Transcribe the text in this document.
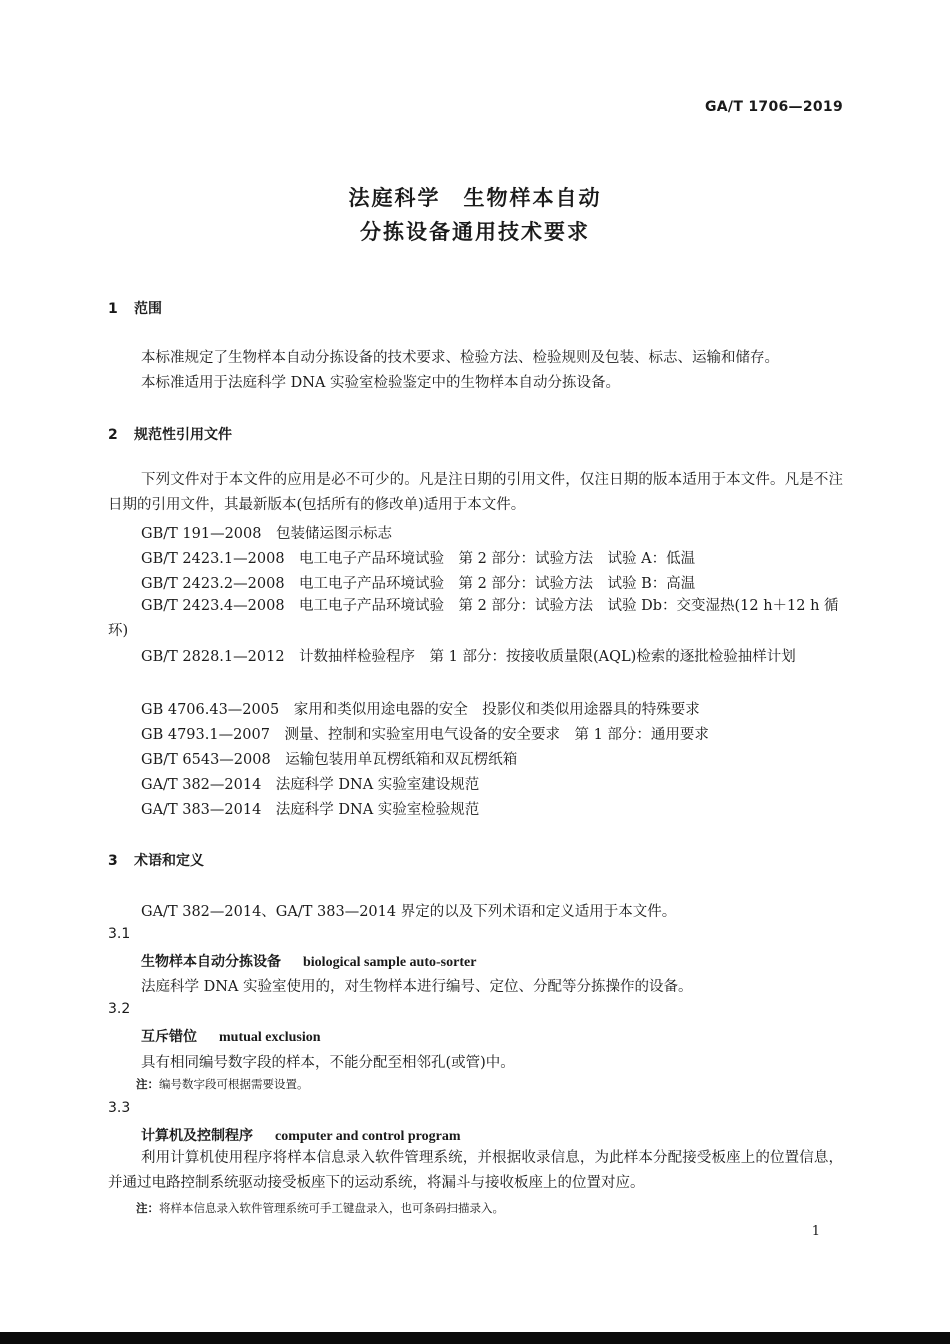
GA/T 1706—2019
法庭科学　生物样本自动
分拣设备通用技术要求
1 范围
本标准规定了生物样本自动分拣设备的技术要求、检验方法、检验规则及包装、标志、运输和储存。
本标准适用于法庭科学 DNA 实验室检验鉴定中的生物样本自动分拣设备。
2 规范性引用文件
下列文件对于本文件的应用是必不可少的。凡是注日期的引用文件，仅注日期的版本适用于本文件。凡是不注日期的引用文件，其最新版本(包括所有的修改单)适用于本文件。
GB/T 191—2008　包装储运图示标志
GB/T 2423.1—2008　电工电子产品环境试验　第 2 部分：试验方法　试验 A：低温
GB/T 2423.2—2008　电工电子产品环境试验　第 2 部分：试验方法　试验 B：高温
GB/T 2423.4—2008　电工电子产品环境试验　第 2 部分：试验方法　试验 Db：交变湿热(12 h＋12 h 循环)
GB/T 2828.1—2012　计数抽样检验程序　第 1 部分：按接收质量限(AQL)检索的逐批检验抽样计划
GB 4706.43—2005　家用和类似用途电器的安全　投影仪和类似用途器具的特殊要求
GB 4793.1—2007　测量、控制和实验室用电气设备的安全要求　第 1 部分：通用要求
GB/T 6543—2008　运输包装用单瓦楞纸箱和双瓦楞纸箱
GA/T 382—2014　法庭科学 DNA 实验室建设规范
GA/T 383—2014　法庭科学 DNA 实验室检验规范
3 术语和定义
GA/T 382—2014、GA/T 383—2014 界定的以及下列术语和定义适用于本文件。
3.1
生物样本自动分拣设备 biological sample auto-sorter
法庭科学 DNA 实验室使用的，对生物样本进行编号、定位、分配等分拣操作的设备。
3.2
互斥错位 mutual exclusion
具有相同编号数字段的样本，不能分配至相邻孔(或管)中。
注：编号数字段可根据需要设置。
3.3
计算机及控制程序 computer and control program
利用计算机使用程序将样本信息录入软件管理系统，并根据收录信息，为此样本分配接受板座上的位置信息，并通过电路控制系统驱动接受板座下的运动系统，将漏斗与接收板座上的位置对应。
注：将样本信息录入软件管理系统可手工键盘录入，也可条码扫描录入。
1
